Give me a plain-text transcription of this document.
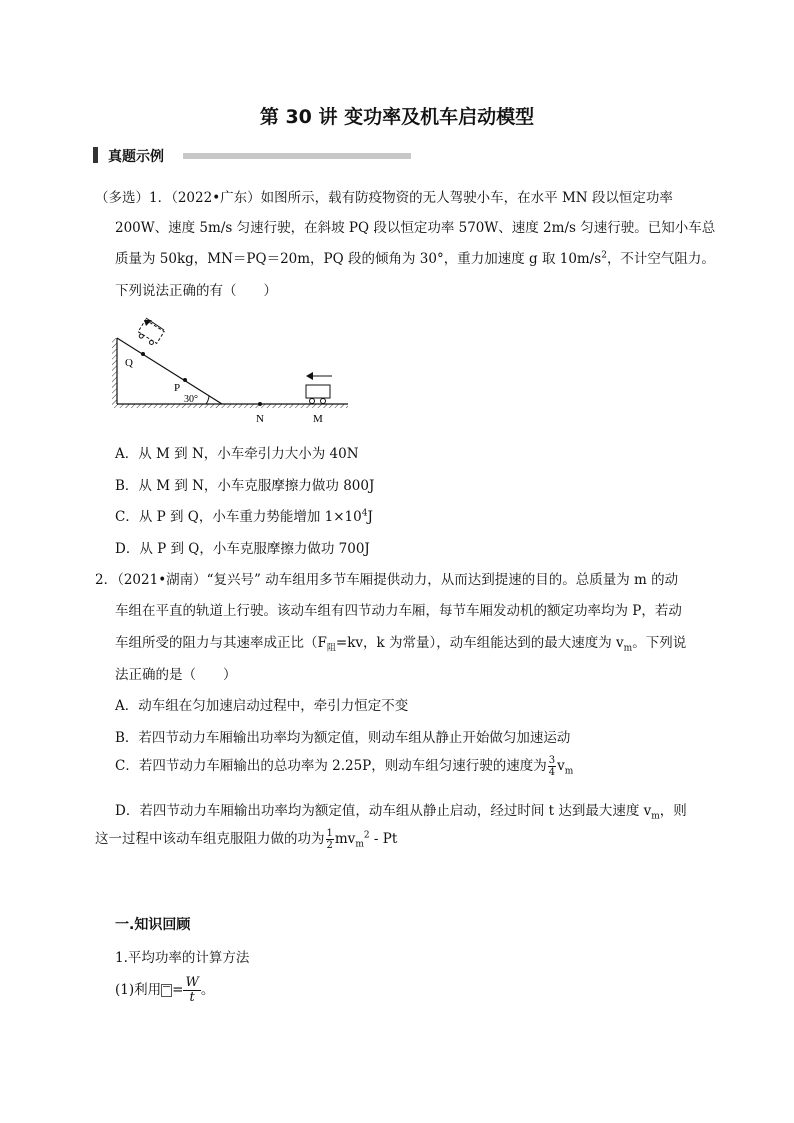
第 30 讲 变功率及机车启动模型
真题示例
（多选）1．（2022•广东）如图所示，载有防疫物资的无人驾驶小车，在水平 MN 段以恒定功率
200W、速度 5m/s 匀速行驶，在斜坡 PQ 段以恒定功率 570W、速度 2m/s 匀速行驶。已知小车总
质量为 50kg，MN＝PQ＝20m，PQ 段的倾角为 30°，重力加速度 g 取 $10m/s^2$，不计空气阻力。
下列说法正确的有（　　）
Q
P
30°
N	M
A．从 M 到 N，小车牵引力大小为 40N
B．从 M 到 N，小车克服摩擦力做功 800J
C．从 P 到 Q，小车重力势能增加 $1\times 10^4J$
D．从 P 到 Q，小车克服摩擦力做功 700J
2．（2021•湖南）“复兴号” 动车组用多节车厢提供动力，从而达到提速的目的。总质量为 m 的动
车组在平直的轨道上行驶。该动车组有四节动力车厢，每节车厢发动机的额定功率均为 P，若动
车组所受的阻力与其速率成正比（$F_阻=kv$，k 为常量），动车组能达到的最大速度为 $v_m$。下列说
法正确的是（　　）
A．动车组在匀加速启动过程中，牵引力恒定不变
B．若四节动力车厢输出功率均为额定值，则动车组从静止开始做匀加速运动
C．若四节动力车厢输出的总功率为 2.25P，则动车组匀速行驶的速度为 $\frac{3}{4} v_m$
D．若四节动力车厢输出功率均为额定值，动车组从静止启动，经过时间 t 达到最大速度 $v_m$，则
这一过程中该动车组克服阻力做的功为 $\frac{1}{2} mv_m^2$ - Pt
一.知识回顾
1.平均功率的计算方法
(1)利用 = $\frac{W}{t}$ 。
